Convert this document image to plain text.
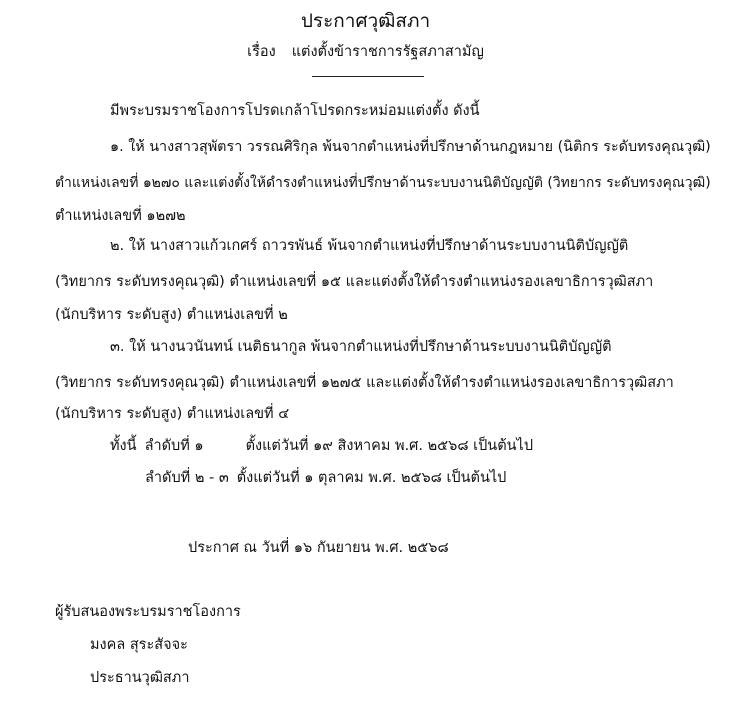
ประกาศวุฒิสภา
เรื่อง แต่งตั้งข้าราชการรัฐสภาสามัญ
มีพระบรมราชโองการโปรดเกล้าโปรดกระหม่อมแต่งตั้ง ดังนี้
๑. ให้ นางสาวสุพัตรา วรรณศิริกุล พ้นจากตำแหน่งที่ปรึกษาด้านกฎหมาย (นิติกร ระดับทรงคุณวุฒิ)
ตำแหน่งเลขที่ ๑๒๗๐ และแต่งตั้งให้ดำรงตำแหน่งที่ปรึกษาด้านระบบงานนิติบัญญัติ (วิทยากร ระดับทรงคุณวุฒิ)
ตำแหน่งเลขที่ ๑๒๗๒
๒. ให้ นางสาวแก้วเกศร์ ถาวรพันธ์ พ้นจากตำแหน่งที่ปรึกษาด้านระบบงานนิติบัญญัติ
(วิทยากร ระดับทรงคุณวุฒิ) ตำแหน่งเลขที่ ๑๕ และแต่งตั้งให้ดำรงตำแหน่งรองเลขาธิการวุฒิสภา
(นักบริหาร ระดับสูง) ตำแหน่งเลขที่ ๒
๓. ให้ นางนวนันทน์ เนติธนากูล พ้นจากตำแหน่งที่ปรึกษาด้านระบบงานนิติบัญญัติ
(วิทยากร ระดับทรงคุณวุฒิ) ตำแหน่งเลขที่ ๑๒๗๕ และแต่งตั้งให้ดำรงตำแหน่งรองเลขาธิการวุฒิสภา
(นักบริหาร ระดับสูง) ตำแหน่งเลขที่ ๔
ทั้งนี้ ลำดับที่ ๑	ตั้งแต่วันที่ ๑๙ สิงหาคม พ.ศ. ๒๕๖๘ เป็นต้นไป
ลำดับที่ ๒ - ๓ ตั้งแต่วันที่ ๑ ตุลาคม พ.ศ. ๒๕๖๘ เป็นต้นไป
ประกาศ ณ วันที่ ๑๖ กันยายน พ.ศ. ๒๕๖๘
ผู้รับสนองพระบรมราชโองการ
มงคล สุระสัจจะ
ประธานวุฒิสภา
